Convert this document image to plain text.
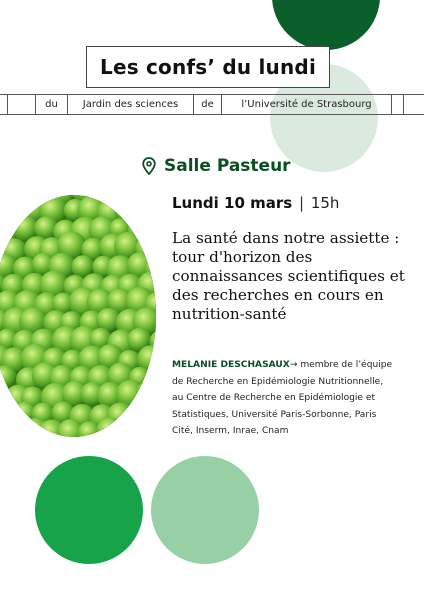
Les confs’ du lundi
du	Jardin des sciences	de	l’Université de Strasbourg
Salle Pasteur
Lundi 10 mars | 15h
La santé dans notre assiette : tour d'horizon des connaissances scientifiques et des recherches en cours en nutrition-santé
MELANIE DESCHASAUX→ membre de l’équipe de Recherche en Epidémiologie Nutritionnelle, au Centre de Recherche en Epidémiologie et Statistiques, Université Paris-Sorbonne, Paris Cité, Inserm, Inrae, Cnam
